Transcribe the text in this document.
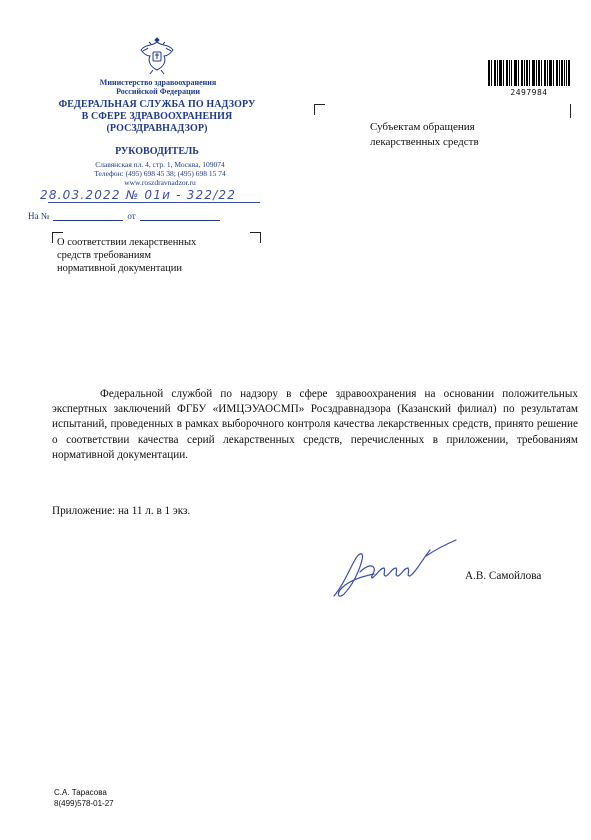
Министерство здравоохранения
Российской Федерации
ФЕДЕРАЛЬНАЯ СЛУЖБА ПО НАДЗОРУ
В СФЕРЕ ЗДРАВООХРАНЕНИЯ
(РОСЗДРАВНАДЗОР)
РУКОВОДИТЕЛЬ
Славянская пл. 4, стр. 1, Москва, 109074
Телефон: (495) 698 45 38; (495) 698 15 74
www.roszdravnadzor.ru
28.03.2022 № 01и - 322/22
На №	от
О соответствии лекарственных
средств требованиям
нормативной документации
2497984
Субъектам обращения
лекарственных средств
Федеральной службой по надзору в сфере здравоохранения на основании положительных экспертных заключений ФГБУ «ИМЦЭУАОСМП» Росздравнадзора (Казанский филиал) по результатам испытаний, проведенных в рамках выборочного контроля качества лекарственных средств, принято решение о соответствии качества серий лекарственных средств, перечисленных в приложении, требованиям нормативной документации.
Приложение: на 11 л. в 1 экз.
А.В. Самойлова
С.А. Тарасова
8(499)578-01-27
